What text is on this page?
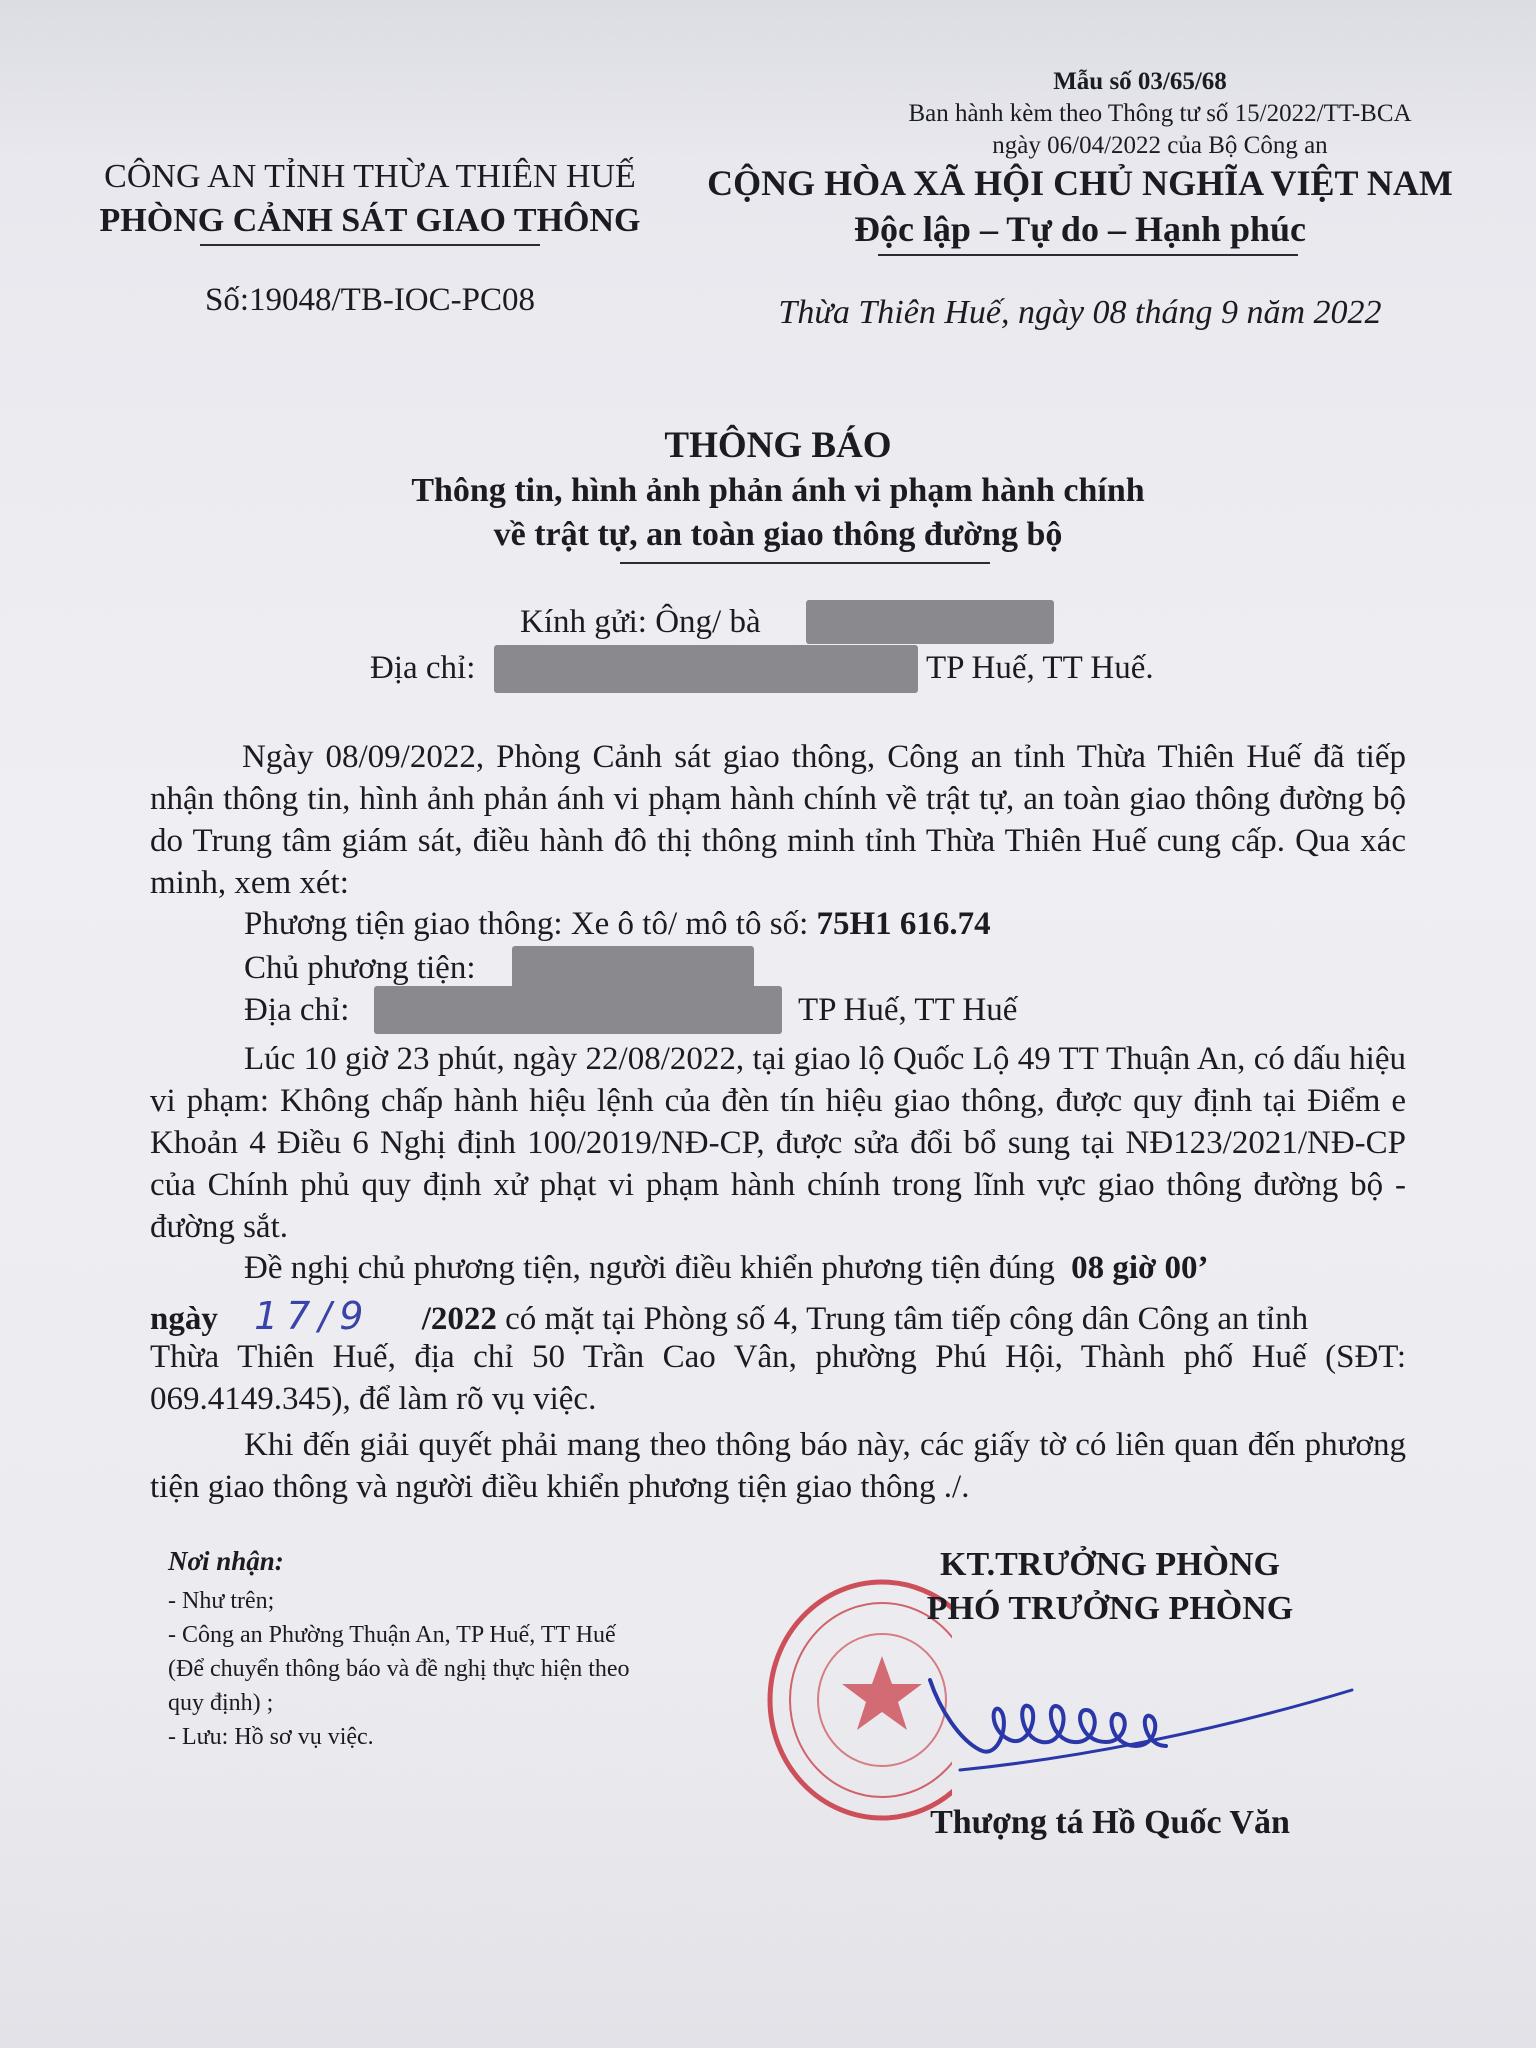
Mẫu số 03/65/68
Ban hành kèm theo Thông tư số 15/2022/TT-BCA
ngày 06/04/2022 của Bộ Công an
CÔNG AN TỈNH THỪA THIÊN HUẾ
PHÒNG CẢNH SÁT GIAO THÔNG
Số:19048/TB-IOC-PC08
CỘNG HÒA XÃ HỘI CHỦ NGHĨA VIỆT NAM
Độc lập – Tự do – Hạnh phúc
Thừa Thiên Huế, ngày 08 tháng 9 năm 2022
THÔNG BÁO
Thông tin, hình ảnh phản ánh vi phạm hành chính
về trật tự, an toàn giao thông đường bộ
Kính gửi: Ông/ bà
Địa chỉ:	TP Huế, TT Huế.
Ngày 08/09/2022, Phòng Cảnh sát giao thông, Công an tỉnh Thừa Thiên Huế đã tiếp nhận thông tin, hình ảnh phản ánh vi phạm hành chính về trật tự, an toàn giao thông đường bộ do Trung tâm giám sát, điều hành đô thị thông minh tỉnh Thừa Thiên Huế cung cấp. Qua xác minh, xem xét:
Phương tiện giao thông: Xe ô tô/ mô tô số: 75H1 616.74
Chủ phương tiện:
Địa chỉ:	TP Huế, TT Huế
Lúc 10 giờ 23 phút, ngày 22/08/2022, tại giao lộ Quốc Lộ 49 TT Thuận An, có dấu hiệu vi phạm: Không chấp hành hiệu lệnh của đèn tín hiệu giao thông, được quy định tại Điểm e Khoản 4 Điều 6 Nghị định 100/2019/NĐ-CP, được sửa đổi bổ sung tại NĐ123/2021/NĐ-CP của Chính phủ quy định xử phạt vi phạm hành chính trong lĩnh vực giao thông đường bộ - đường sắt.
Đề nghị chủ phương tiện, người điều khiển phương tiện đúng 08 giờ 00’
ngày 17/9 /2022 có mặt tại Phòng số 4, Trung tâm tiếp công dân Công an tỉnh
Thừa Thiên Huế, địa chỉ 50 Trần Cao Vân, phường Phú Hội, Thành phố Huế (SĐT: 069.4149.345), để làm rõ vụ việc.
Khi đến giải quyết phải mang theo thông báo này, các giấy tờ có liên quan đến phương tiện giao thông và người điều khiển phương tiện giao thông ./.
Nơi nhận:
- Như trên;
- Công an Phường Thuận An, TP Huế, TT Huế
(Để chuyển thông báo và đề nghị thực hiện theo
quy định) ;
- Lưu: Hồ sơ vụ việc.
KT.TRƯỞNG PHÒNG
PHÓ TRƯỞNG PHÒNG
Thượng tá Hồ Quốc Văn
